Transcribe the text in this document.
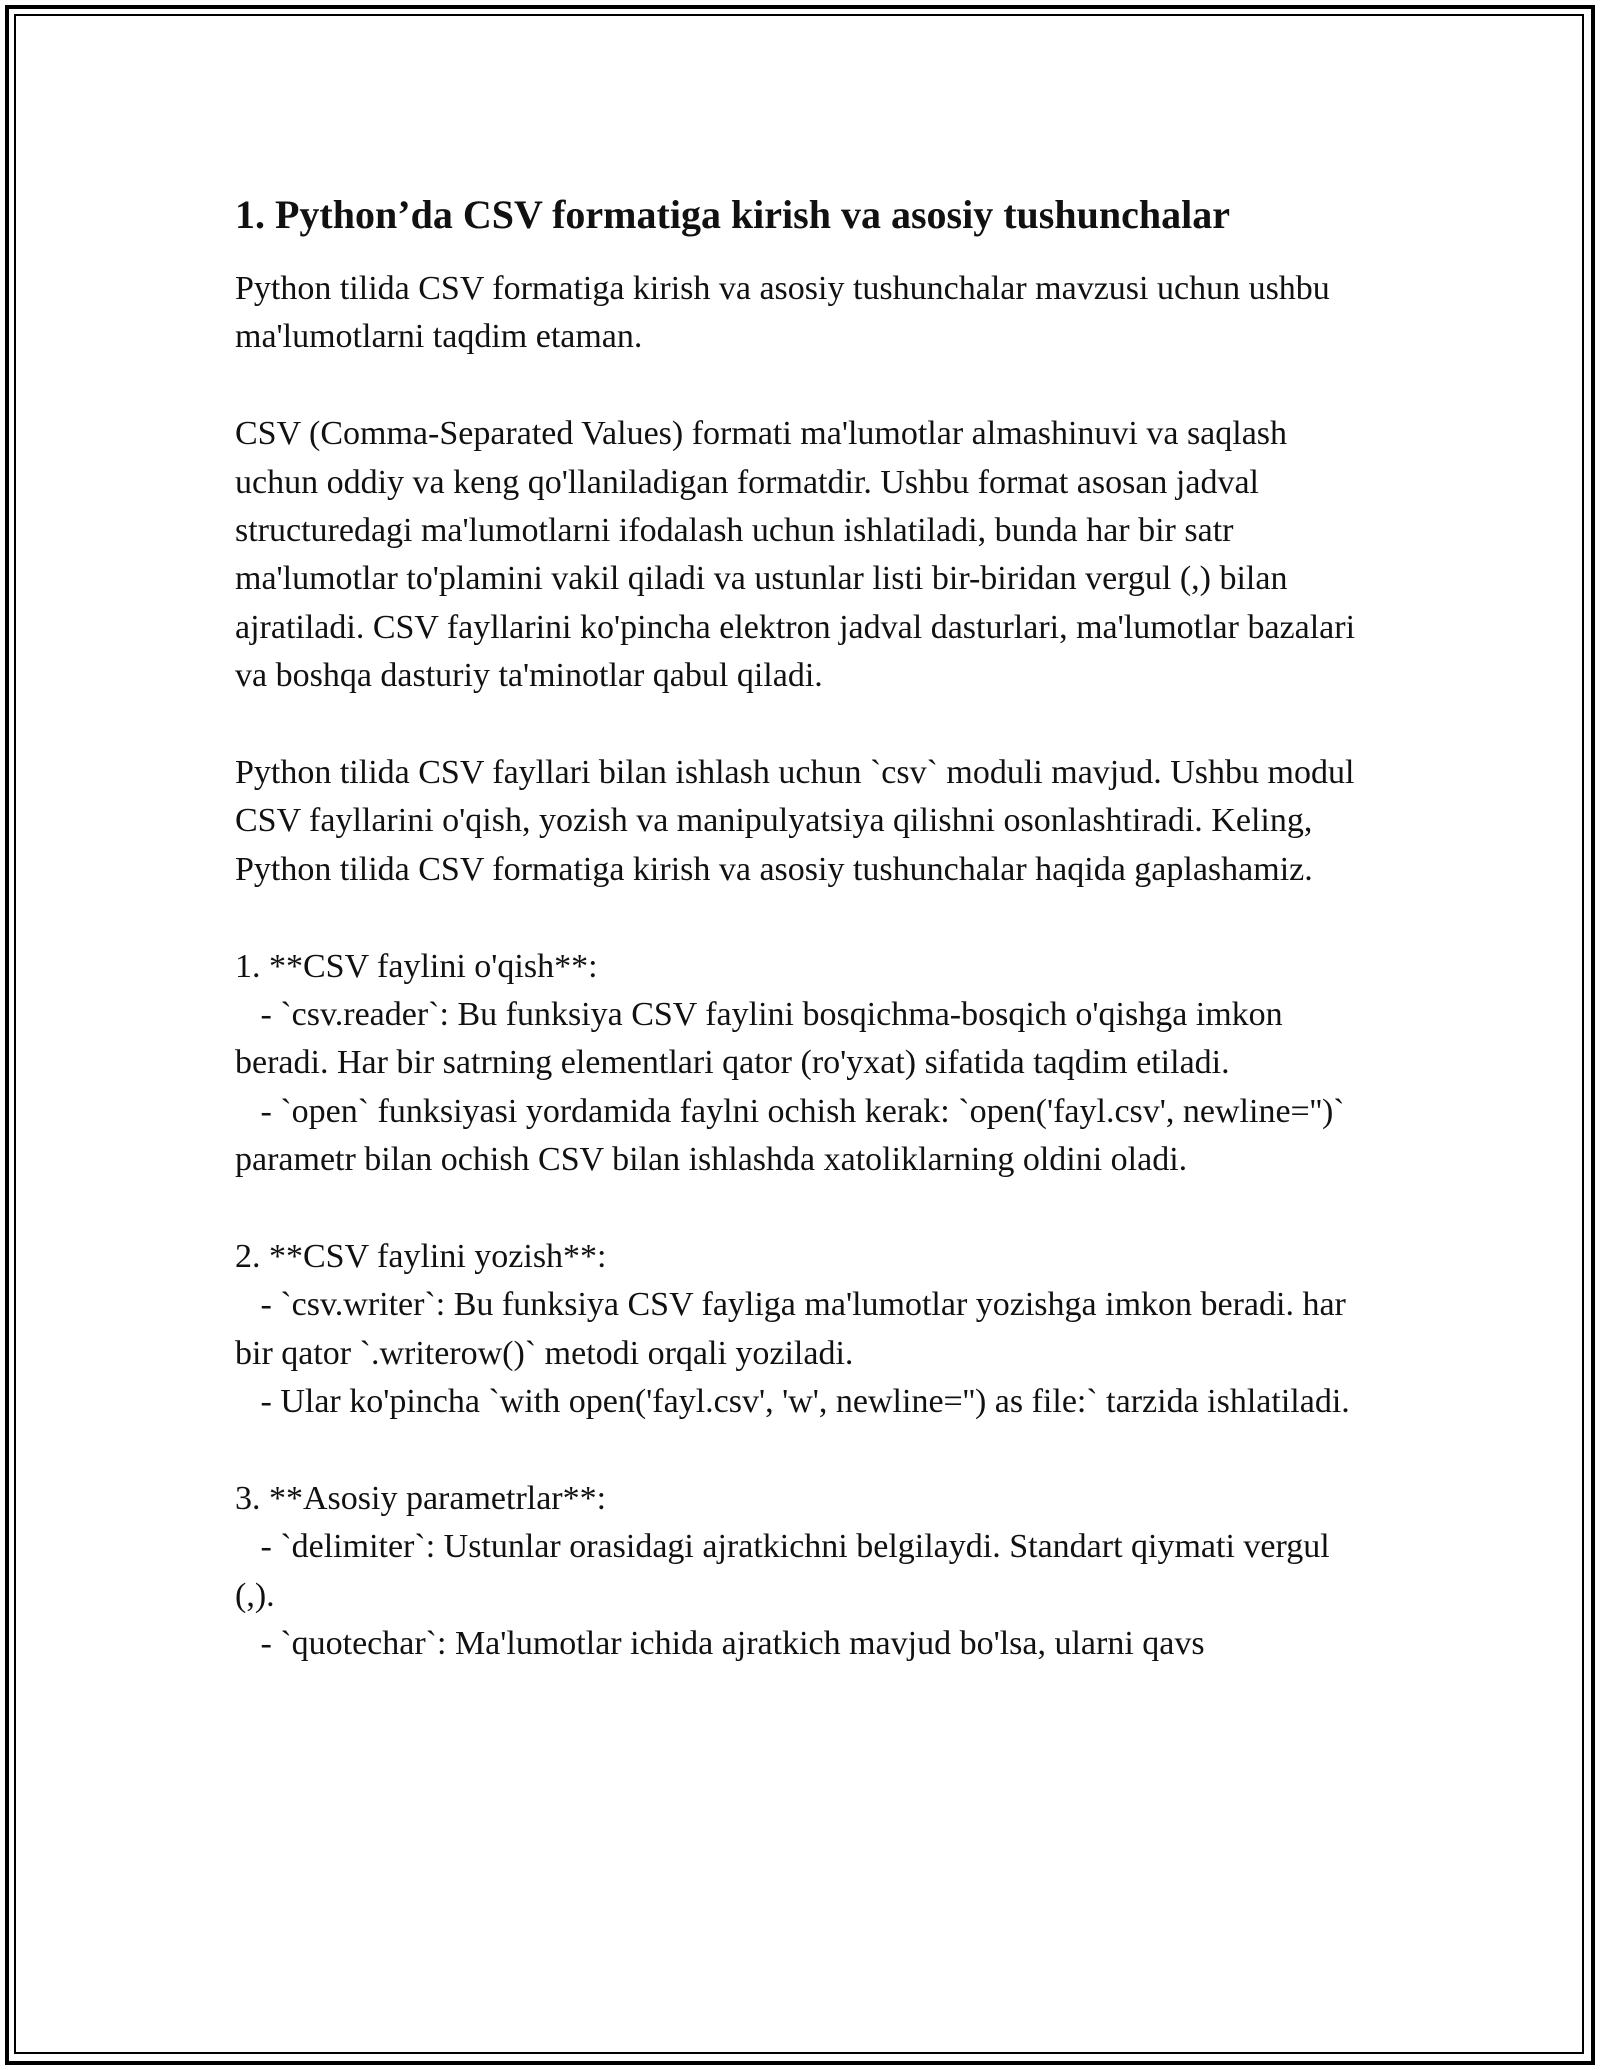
1. Python’da CSV formatiga kirish va asosiy tushunchalar

Python tilida CSV formatiga kirish va asosiy tushunchalar mavzusi uchun ushbu ma'lumotlarni taqdim etaman.

CSV (Comma-Separated Values) formati ma'lumotlar almashinuvi va saqlash uchun oddiy va keng qo'llaniladigan formatdir. Ushbu format asosan jadval structuredagi ma'lumotlarni ifodalash uchun ishlatiladi, bunda har bir satr ma'lumotlar to'plamini vakil qiladi va ustunlar listi bir-biridan vergul (,) bilan ajratiladi. CSV fayllarini ko'pincha elektron jadval dasturlari, ma'lumotlar bazalari va boshqa dasturiy ta'minotlar qabul qiladi.

Python tilida CSV fayllari bilan ishlash uchun `csv` moduli mavjud. Ushbu modul CSV fayllarini o'qish, yozish va manipulyatsiya qilishni osonlashtiradi. Keling, Python tilida CSV formatiga kirish va asosiy tushunchalar haqida gaplashamiz.

1. **CSV faylini o'qish**:
- `csv.reader`: Bu funksiya CSV faylini bosqichma-bosqich o'qishga imkon beradi. Har bir satrning elementlari qator (ro'yxat) sifatida taqdim etiladi.
- `open` funksiyasi yordamida faylni ochish kerak: `open('fayl.csv', newline='')` parametr bilan ochish CSV bilan ishlashda xatoliklarning oldini oladi.

2. **CSV faylini yozish**:
- `csv.writer`: Bu funksiya CSV fayliga ma'lumotlar yozishga imkon beradi. har bir qator `.writerow()` metodi orqali yoziladi.
- Ular ko'pincha `with open('fayl.csv', 'w', newline='') as file:` tarzida ishlatiladi.

3. **Asosiy parametrlar**:
- `delimiter`: Ustunlar orasidagi ajratkichni belgilaydi. Standart qiymati vergul (,).
- `quotechar`: Ma'lumotlar ichida ajratkich mavjud bo'lsa, ularni qavs
